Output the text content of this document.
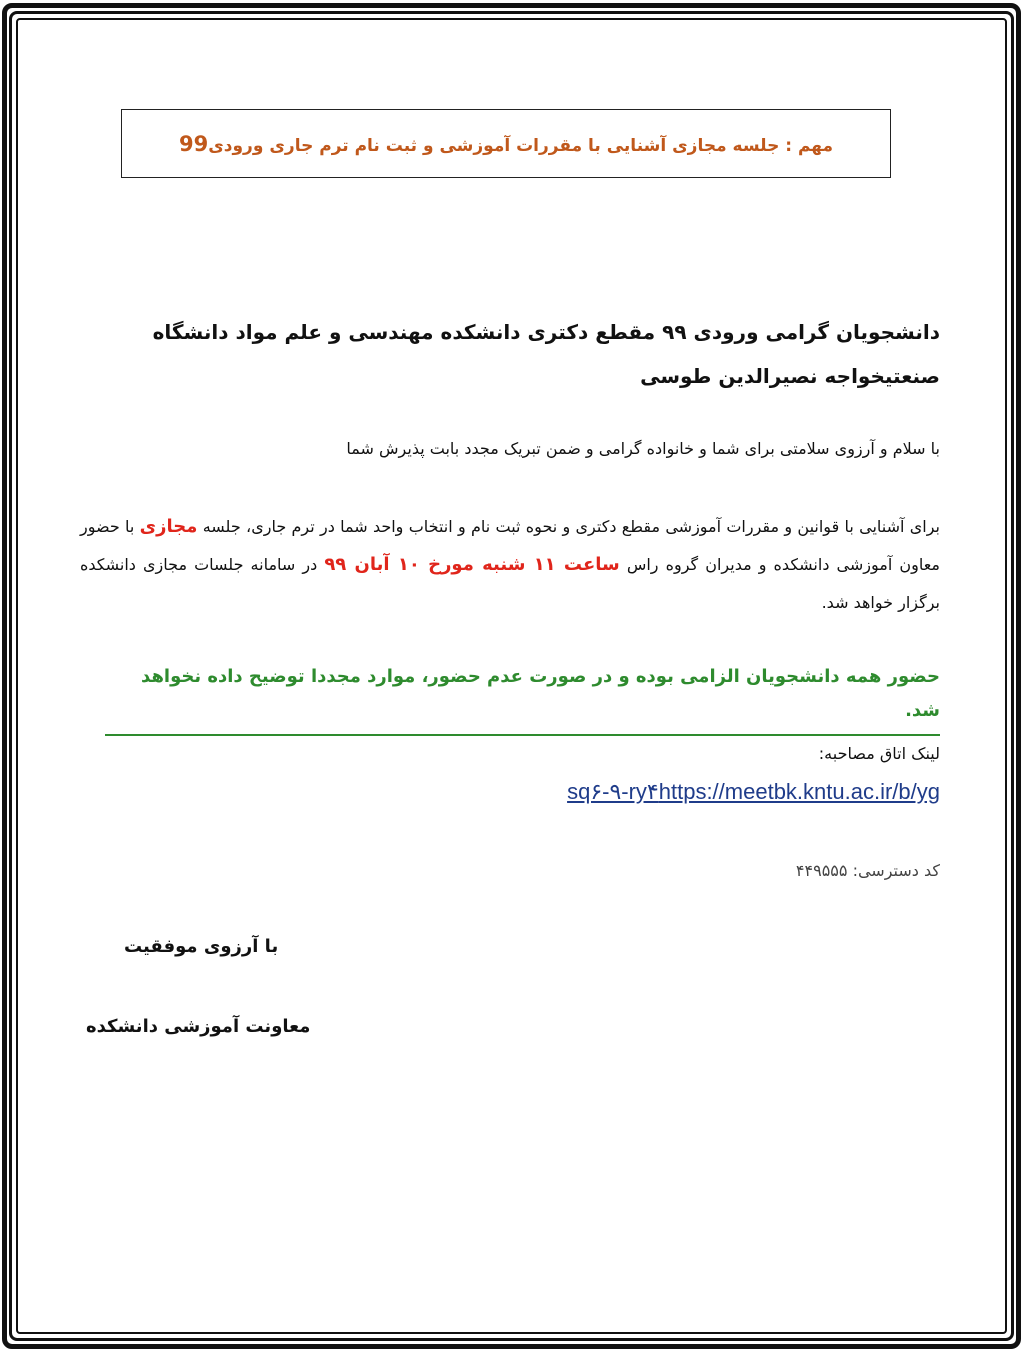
مهم : جلسه مجازی آشنایی با مقررات آموزشی و ثبت نام ترم جاری ورودی99
دانشجویان گرامی ورودی ۹۹ مقطع دکتری دانشکده مهندسی و علم مواد دانشگاه صنعتیخواجه نصیرالدین طوسی
با سلام و آرزوی سلامتی برای شما و خانواده گرامی و ضمن تبریک مجدد بابت پذیرش شما
برای آشنایی با قوانین و مقررات آموزشی مقطع دکتری و نحوه ثبت نام و انتخاب واحد شما در ترم جاری، جلسه مجازی با حضور معاون آموزشی دانشکده و مدیران گروه راس ساعت ۱۱ شنبه مورخ ۱۰ آبان ۹۹ در سامانه جلسات مجازی دانشکده برگزار خواهد شد.
حضور همه دانشجویان الزامی بوده و در صورت عدم حضور، موارد مجددا توضیح داده نخواهد شد.
لینک اتاق مصاحبه:
sq۶-۹-ry۴https://meetbk.kntu.ac.ir/b/yg
کد دسترسی: ۴۴۹۵۵۵
با آرزوی موفقیت
معاونت آموزشی دانشکده
